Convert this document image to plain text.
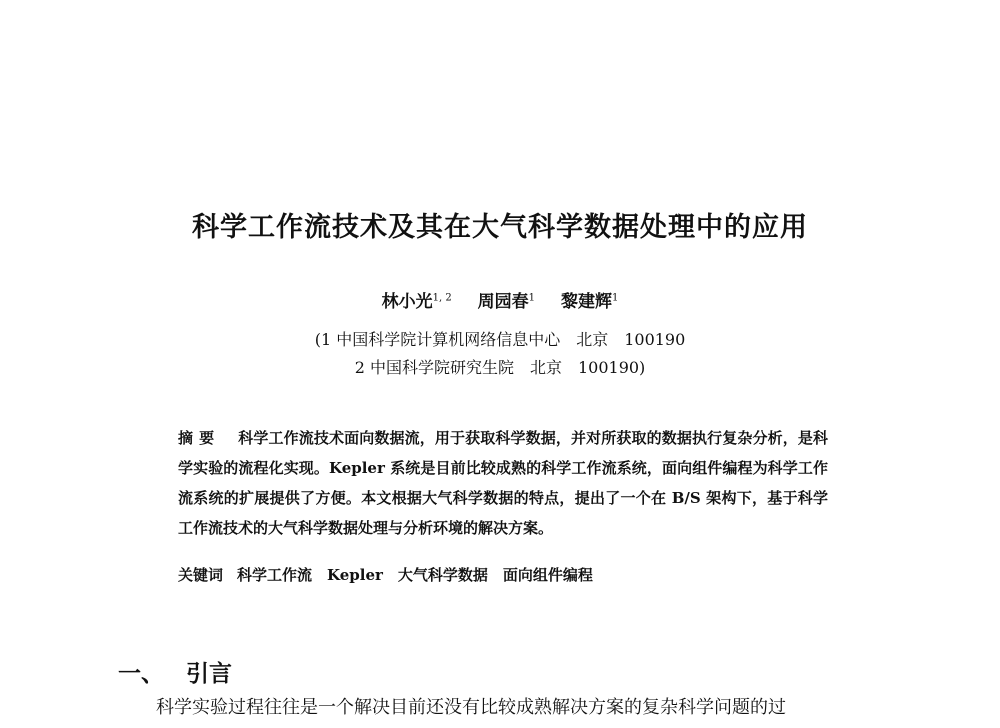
科学工作流技术及其在大气科学数据处理中的应用
林小光$^{1, 2}$ 周园春$^1$ 黎建辉$^1$
(1 中国科学院计算机网络信息中心　北京　100190
2 中国科学院研究生院　北京　100190)
摘要 科学工作流技术面向数据流，用于获取科学数据，并对所获取的数据执行复杂分析，是科学实验的流程化实现。Kepler 系统是目前比较成熟的科学工作流系统，面向组件编程为科学工作流系统的扩展提供了方便。本文根据大气科学数据的特点，提出了一个在 B/S 架构下，基于科学工作流技术的大气科学数据处理与分析环境的解决方案。
关键词 科学工作流　Kepler　大气科学数据　面向组件编程
一、 引言
科学实验过程往往是一个解决目前还没有比较成熟解决方案的复杂科学问题的过
